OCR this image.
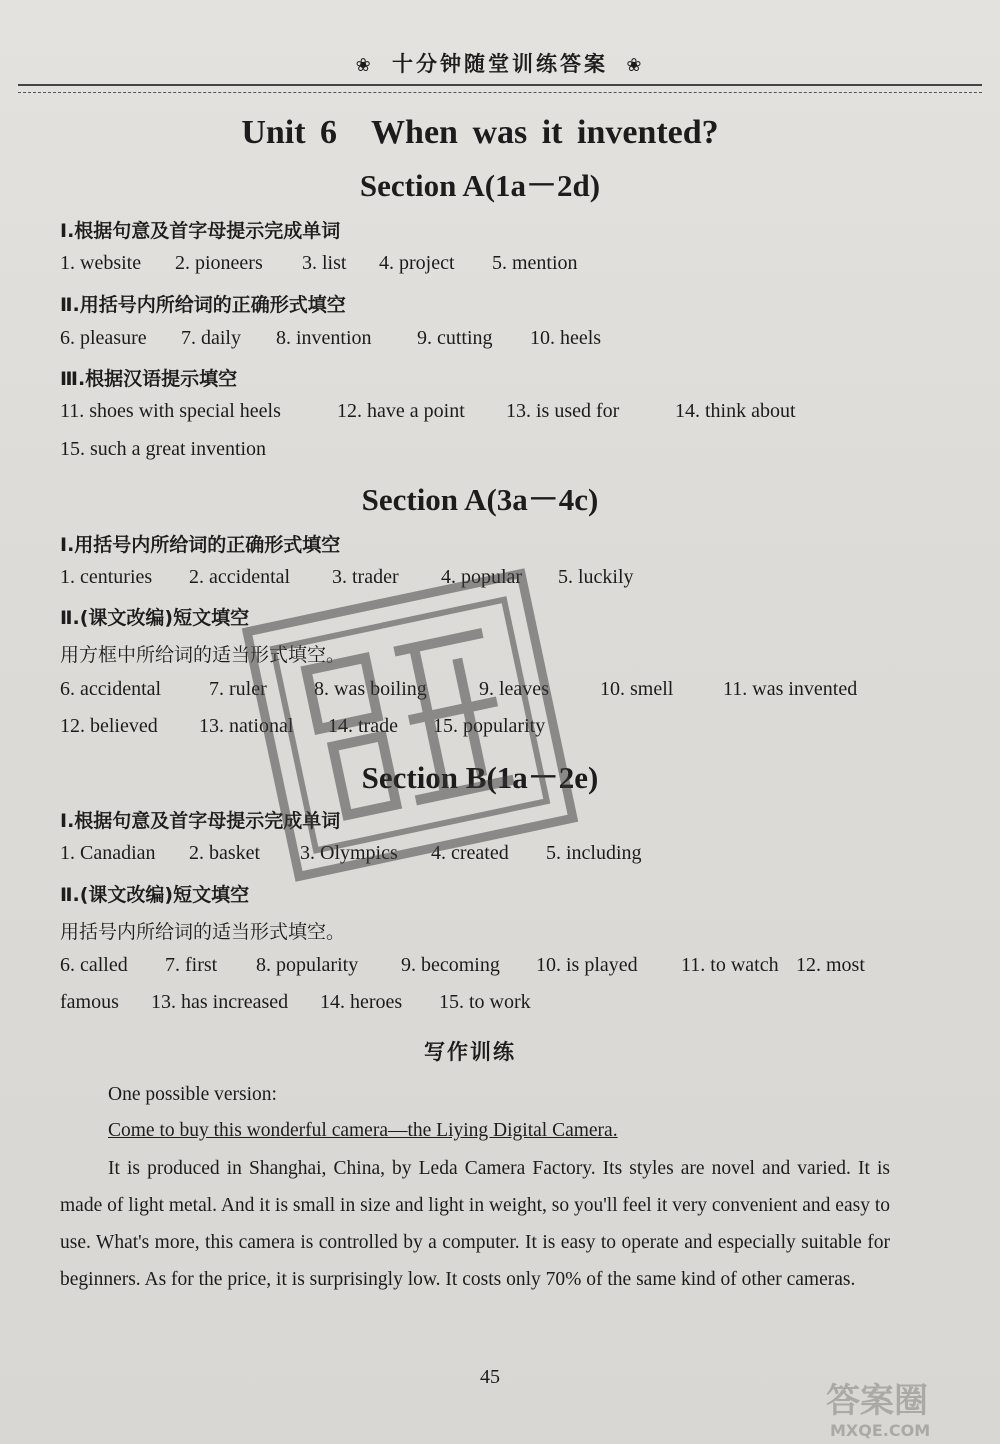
❀ 十分钟随堂训练答案 ❀
Unit 6　When was it invented?
Section A(1a－2d)
Ⅰ.根据句意及首字母提示完成单词
1. website 2. pioneers 3. list 4. project 5. mention
Ⅱ.用括号内所给词的正确形式填空
6. pleasure 7. daily 8. invention 9. cutting 10. heels
Ⅲ.根据汉语提示填空
11. shoes with special heels	12. have a point 13. is used for	14. think about
15. such a great invention
Section A(3a－4c)
Ⅰ.用括号内所给词的正确形式填空
1. centuries 2. accidental 3. trader 4. popular 5. luckily
Ⅱ.(课文改编)短文填空
用方框中所给词的适当形式填空。
6. accidental 7. ruler 8. was boiling	9. leaves	10. smell 11. was invented
12. believed 13. national 14. trade 15. popularity
Section B(1a－2e)
Ⅰ.根据句意及首字母提示完成单词
1. Canadian 2. basket 3. Olympics 4. created 5. including
Ⅱ.(课文改编)短文填空
用括号内所给词的适当形式填空。
6. called 7. first 8. popularity 9. becoming 10. is played 11. to watch 12. most
famous 13. has increased 14. heroes 15. to work
写作训练
One possible version:
Come to buy this wonderful camera—the Liying Digital Camera.
It is produced in Shanghai, China, by Leda Camera Factory. Its styles are novel and varied. It is made of light metal. And it is small in size and light in weight, so you'll feel it very convenient and easy to use. What's more, this camera is controlled by a computer. It is easy to operate and especially suitable for beginners. As for the price, it is surprisingly low. It costs only 70% of the same kind of other cameras.
45
答案圈
MXQE.COM
